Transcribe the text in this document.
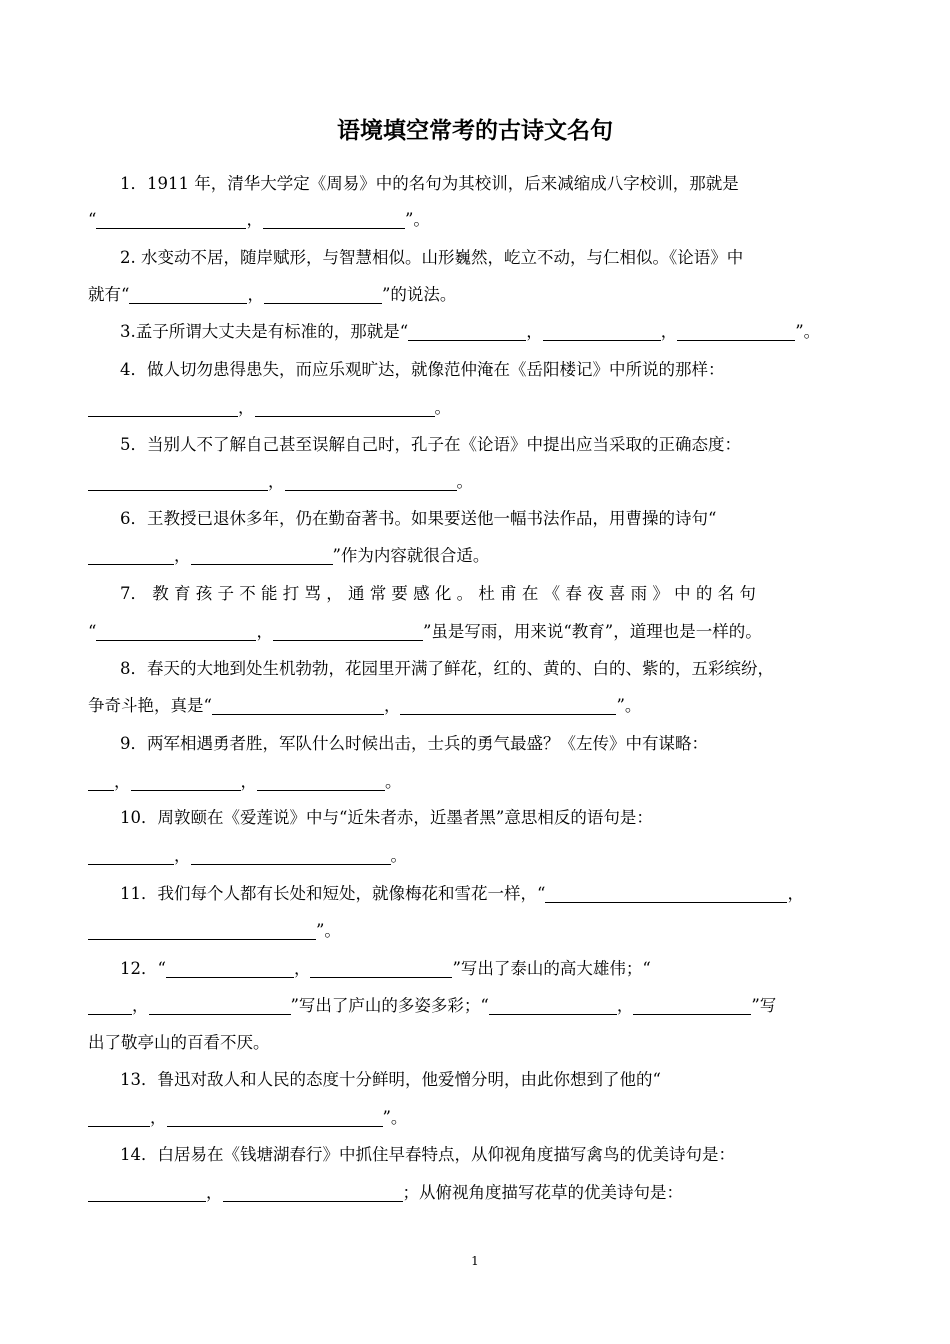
语境填空常考的古诗文名句
1．1911 年，清华大学定《周易》中的名句为其校训，后来减缩成八字校训，那就是
“	，	”。
2. 水变动不居，随岸赋形，与智慧相似。山形巍然，屹立不动，与仁相似。《论语》中
就有“	，	”的说法。
3.孟子所谓大丈夫是有标准的，那就是“	，	，	”。
4．做人切勿患得患失，而应乐观旷达，就像范仲淹在《岳阳楼记》中所说的那样：
，	。
5．当别人不了解自己甚至误解自己时，孔子在《论语》中提出应当采取的正确态度：
，	。
6．王教授已退休多年，仍在勤奋著书。如果要送他一幅书法作品，用曹操的诗句“
，	”作为内容就很合适。
7． 教 育 孩 子 不 能 打 骂 ， 通 常 要 感 化 。 杜 甫 在 《 春 夜 喜 雨 》 中 的 名 句
“	，	”虽是写雨，用来说“教育”，道理也是一样的。
8．春天的大地到处生机勃勃，花园里开满了鲜花，红的、黄的、白的、紫的，五彩缤纷，
争奇斗艳，真是“	，	”。
9．两军相遇勇者胜，军队什么时候出击，士兵的勇气最盛？《左传》中有谋略：
，	，	。
10．周敦颐在《爱莲说》中与“近朱者赤，近墨者黑”意思相反的语句是：
，	。
11．我们每个人都有长处和短处，就像梅花和雪花一样，“	，
”。
12．“	，	”写出了泰山的高大雄伟；“
，	”写出了庐山的多姿多彩；“	，	”写
出了敬亭山的百看不厌。
13．鲁迅对敌人和人民的态度十分鲜明，他爱憎分明，由此你想到了他的“
，	”。
14．白居易在《钱塘湖春行》中抓住早春特点，从仰视角度描写禽鸟的优美诗句是：
，	；从俯视角度描写花草的优美诗句是：
1
